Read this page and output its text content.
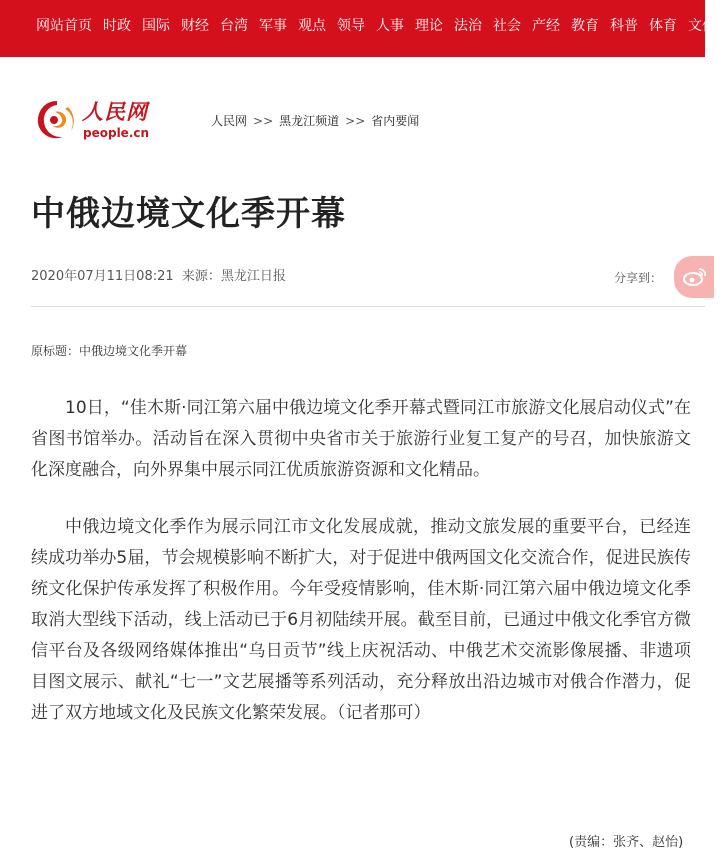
网站首页 时政 国际 财经 台湾 军事 观点 领导 人事 理论 法治 社会 产经 教育 科普 体育 文化
人民网
people.cn
人民网 >> 黑龙江频道 >> 省内要闻
中俄边境文化季开幕
2020年07月11日08:21 来源：黑龙江日报	分享到：
原标题：中俄边境文化季开幕

10日，“佳木斯·同江第六届中俄边境文化季开幕式暨同江市旅游文化展启动仪式”在省图书馆举办。活动旨在深入贯彻中央省市关于旅游行业复工复产的号召，加快旅游文化深度融合，向外界集中展示同江优质旅游资源和文化精品。

中俄边境文化季作为展示同江市文化发展成就，推动文旅发展的重要平台，已经连续成功举办5届，节会规模影响不断扩大，对于促进中俄两国文化交流合作，促进民族传统文化保护传承发挥了积极作用。今年受疫情影响，佳木斯·同江第六届中俄边境文化季取消大型线下活动，线上活动已于6月初陆续开展。截至目前，已通过中俄文化季官方微信平台及各级网络媒体推出“乌日贡节”线上庆祝活动、中俄艺术交流影像展播、非遗项目图文展示、献礼“七一”文艺展播等系列活动，充分释放出沿边城市对俄合作潜力，促进了双方地域文化及民族文化繁荣发展。（记者那可）

(责编：张齐、赵怡)
